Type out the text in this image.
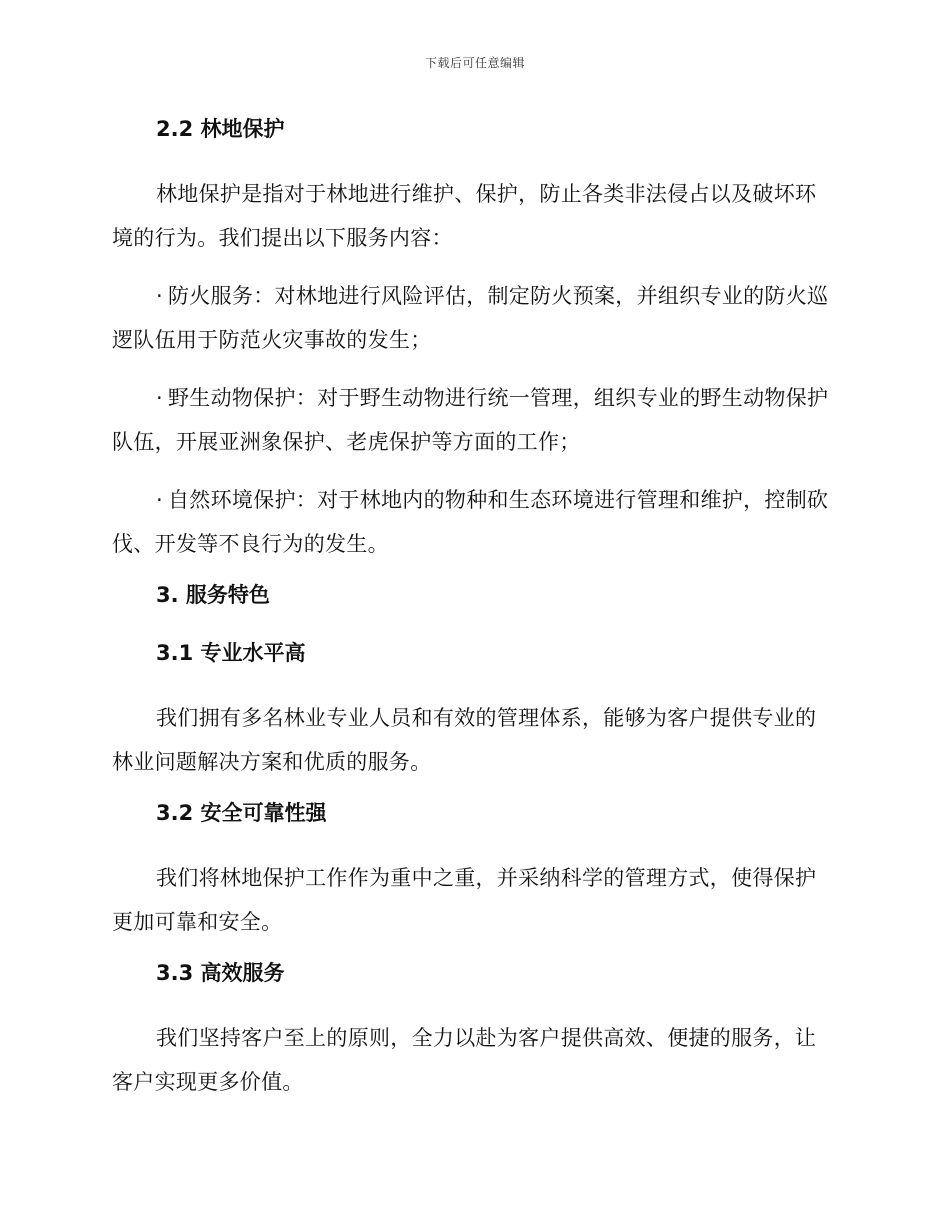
下载后可任意编辑
2.2 林地保护

林地保护是指对于林地进行维护、保护，防止各类非法侵占以及破坏环境的行为。我们提出以下服务内容：

· 防火服务：对林地进行风险评估，制定防火预案，并组织专业的防火巡逻队伍用于防范火灾事故的发生；

· 野生动物保护：对于野生动物进行统一管理，组织专业的野生动物保护队伍，开展亚洲象保护、老虎保护等方面的工作；

· 自然环境保护：对于林地内的物种和生态环境进行管理和维护，控制砍伐、开发等不良行为的发生。

3. 服务特色
3.1 专业水平高

我们拥有多名林业专业人员和有效的管理体系，能够为客户提供专业的林业问题解决方案和优质的服务。

3.2 安全可靠性强

我们将林地保护工作作为重中之重，并采纳科学的管理方式，使得保护更加可靠和安全。

3.3 高效服务

我们坚持客户至上的原则，全力以赴为客户提供高效、便捷的服务，让客户实现更多价值。
